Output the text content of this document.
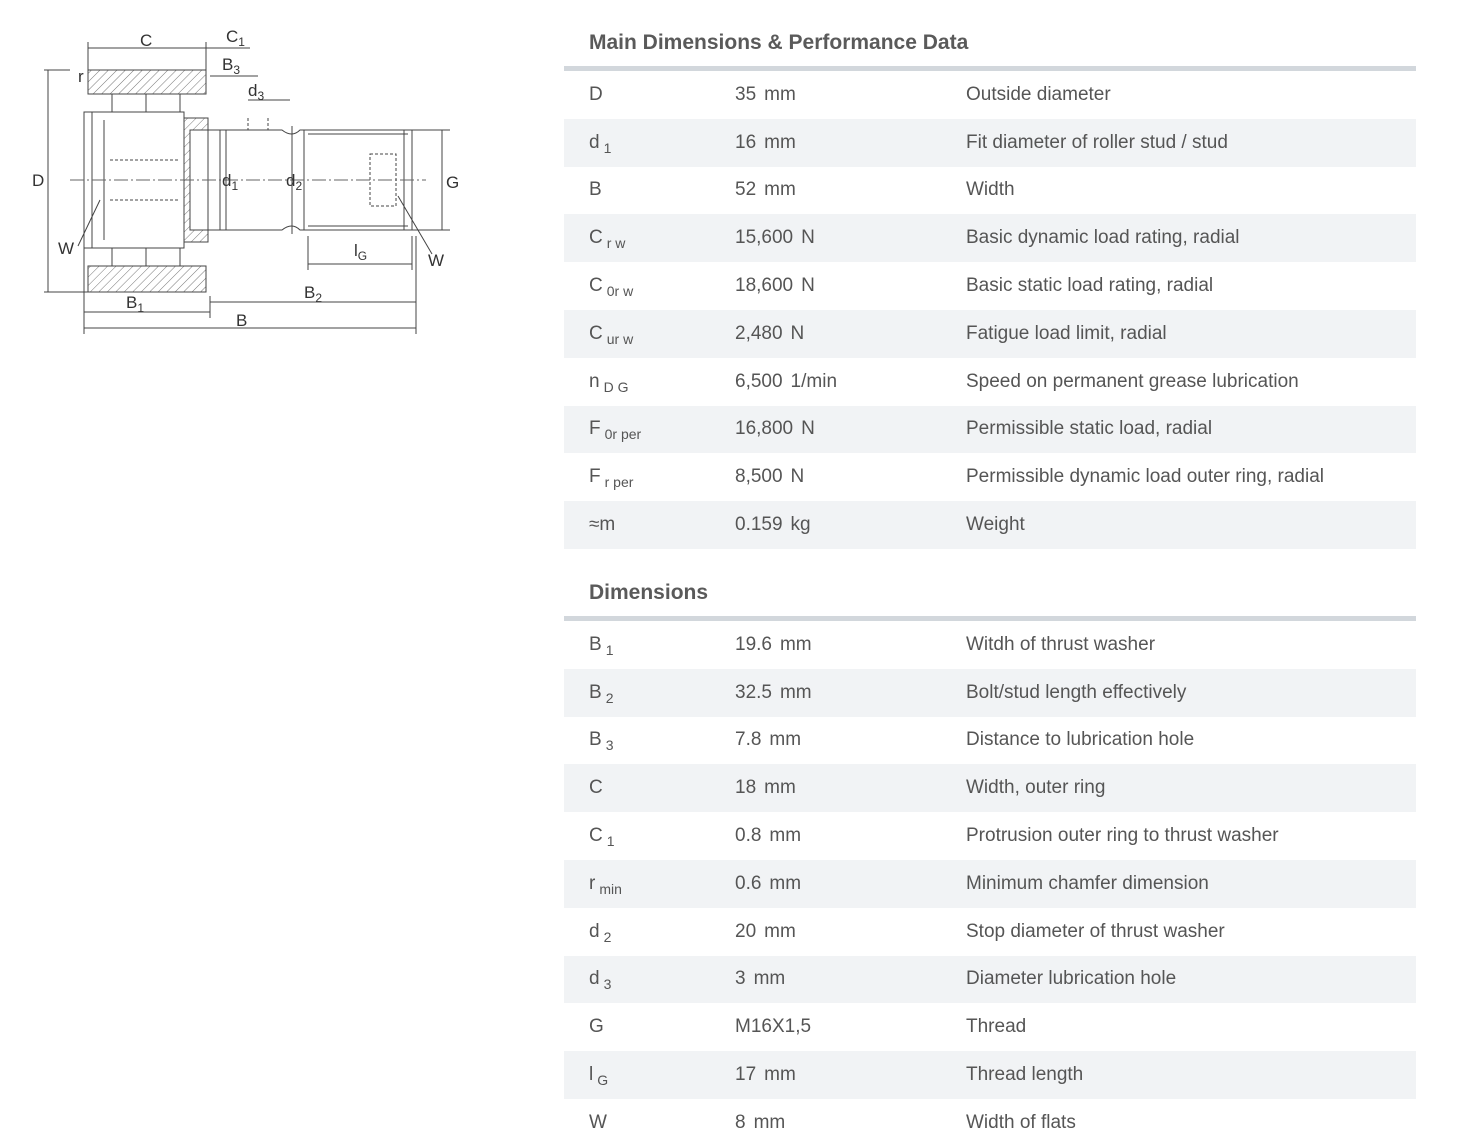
C	$C_1$
$B_3$
$d_3$
r
D	$d_1$	$d_2$	G
W
W
$l_G$
$B_1$
$B_2$
B
Main Dimensions & Performance Data
D	35 mm	Outside diameter
d $_1$	16 mm	Fit diameter of roller stud / stud
B	52 mm	Width
C $_{r w}$	15,600 N	Basic dynamic load rating, radial
C $_{0r w}$	18,600 N	Basic static load rating, radial
C $_{ur w}$	2,480 N	Fatigue load limit, radial
n $_{D G}$	6,500 1/min	Speed on permanent grease lubrication
F $_{0r per}$	16,800 N	Permissible static load, radial
F $_{r per}$	8,500 N	Permissible dynamic load outer ring, radial
≈m	0.159 kg	Weight
Dimensions
B $_1$	19.6 mm	Witdh of thrust washer
B $_2$	32.5 mm	Bolt/stud length effectively
B $_3$	7.8 mm	Distance to lubrication hole
C	18 mm	Width, outer ring
C $_1$	0.8 mm	Protrusion outer ring to thrust washer
r $_{min}$	0.6 mm	Minimum chamfer dimension
d $_2$	20 mm	Stop diameter of thrust washer
d $_3$	3 mm	Diameter lubrication hole
G	M16X1,5	Thread
l $_G$	17 mm	Thread length
W	8 mm	Width of flats
